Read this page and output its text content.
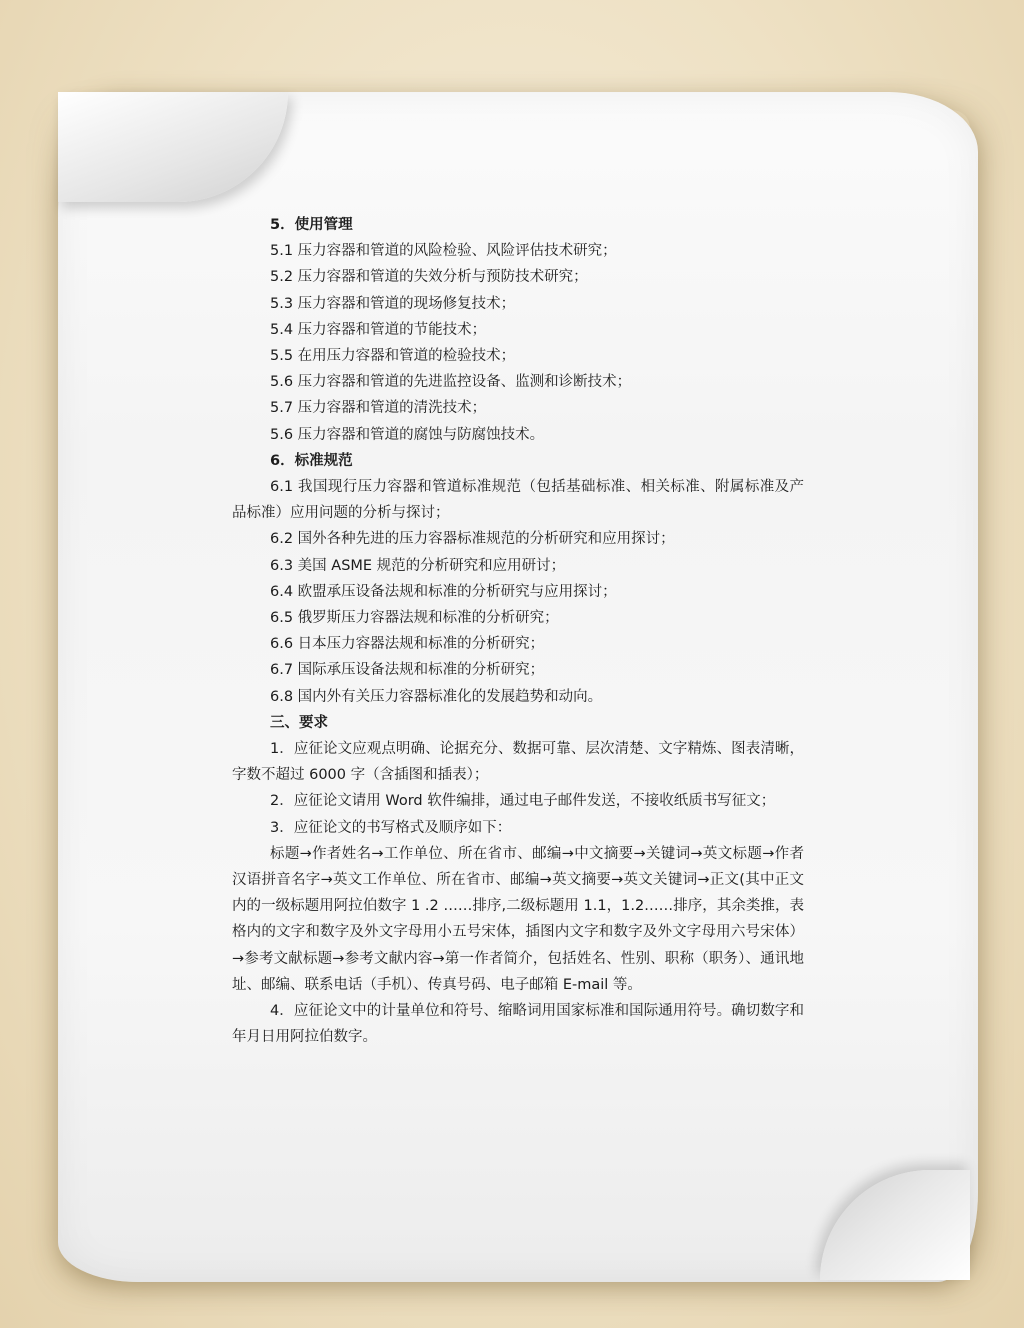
5．使用管理
5.1 压力容器和管道的风险检验、风险评估技术研究；
5.2 压力容器和管道的失效分析与预防技术研究；
5.3 压力容器和管道的现场修复技术；
5.4 压力容器和管道的节能技术；
5.5 在用压力容器和管道的检验技术；
5.6 压力容器和管道的先进监控设备、监测和诊断技术；
5.7 压力容器和管道的清洗技术；
5.6 压力容器和管道的腐蚀与防腐蚀技术。
6．标准规范
6.1 我国现行压力容器和管道标准规范（包括基础标准、相关标准、附属标准及产品标准）应用问题的分析与探讨；
6.2 国外各种先进的压力容器标准规范的分析研究和应用探讨；
6.3 美国 ASME 规范的分析研究和应用研讨；
6.4 欧盟承压设备法规和标准的分析研究与应用探讨；
6.5 俄罗斯压力容器法规和标准的分析研究；
6.6 日本压力容器法规和标准的分析研究；
6.7 国际承压设备法规和标准的分析研究；
6.8 国内外有关压力容器标准化的发展趋势和动向。
三、要求
1．应征论文应观点明确、论据充分、数据可靠、层次清楚、文字精炼、图表清晰，字数不超过 6000 字（含插图和插表）；
2．应征论文请用 Word 软件编排，通过电子邮件发送，不接收纸质书写征文；
3．应征论文的书写格式及顺序如下：
标题→作者姓名→工作单位、所在省市、邮编→中文摘要→关键词→英文标题→作者汉语拼音名字→英文工作单位、所在省市、邮编→英文摘要→英文关键词→正文(其中正文内的一级标题用阿拉伯数字 1 .2 ……排序,二级标题用 1.1，1.2……排序，其余类推，表格内的文字和数字及外文字母用小五号宋体，插图内文字和数字及外文字母用六号宋体）→参考文献标题→参考文献内容→第一作者简介，包括姓名、性别、职称（职务）、通讯地址、邮编、联系电话（手机）、传真号码、电子邮箱 E-mail 等。
4．应征论文中的计量单位和符号、缩略词用国家标准和国际通用符号。确切数字和年月日用阿拉伯数字。
